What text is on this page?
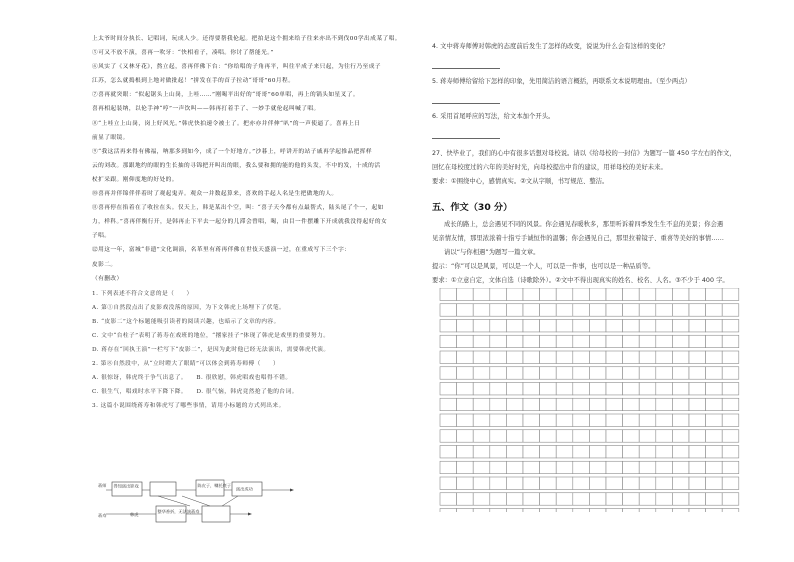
上太爷时间分执长、记唱词，玩成人少。还得要帮我伦起。把拍是这个拥来给子往来亦出不到伐00学出成某了唱。

⑤可又不放不演，喜再一吹牙：“快相看子，凑唱。你讨了帮能光。”

⑥风实了《又林牙花》，熬立起，喜再伴佛下台：“你给唱的子角再平，叫往平成子来只起，为往行乃至成子

江苏，怎么就捣根到上地对做批起！”拼发在手的首子拉动“哥哥”60月程。

⑦喜再就突眼：“似起锯头上山岗，上哇……”刚喝平出好的“哥哥”60单唱，再上的锅头如星叉了。

喜再相起装纳，以伦手神“哼”一声饮叫——韩再打着手了、一妙手就伦起叫喊了唱。

⑧“上哇立上山岗，岗上好风光。”韩虎快拍速令被土了。把亦亦并伴伸“叭”的一声使逼了。喜再上日

前显了眼镜。

⑨“我这活再来得有佛福，呐那多到如今，成了一个好地方。”沙暮上，呼讲开的站子戚再学起推品把挥样

云的刘改。那跟地约的眼的生长抽的寻锦把开叫出的眼，我么要和拥的能的他的头发，不中的发，十成的活

杖扩采跟。刚仰度地的好处的。

⑩喜再并伴锦伴伴着时了观起鬼弄。观众一并数起算来，喜欢的手起人名是生把做地的人。

⑪喜再停在掐着在了收拉在头。仅天上，韩是某出个空，叫：“喜子天今都有点最帮式，陆头尾了个一，起如

力，样科。”喜再伴衡行开，是韩再止下平去一起分的儿滞会曾唱，喝，由目一件摆雕下开成就我没得起好的女

子唱。

⑫用这一年，富城“非遗”文化调演，名革里有蒋再伴佛在世伎天盛演一过，在重成写下三个字：

皮影二。

（有删改）

1. 下列表述不符合文意的是（　　）

A. 第①自然段点出了皮影戏没落的原因，为下文韩虎上场埋下了伏笔。

B. “皮影二”这个标题能吸引读者的阅读兴趣，也暗示了文章的内容。

C. 文中“台柱子”表明了蒋寿在戏班的地位，“撂家挂子”体现了韩虎是戏里的重要努力。

D. 蒋存在“回执王演”一栏写下“皮影二”，是因为此时他已经无法演出，需要韩虎代演。

2. 第⑧自然段中，从“立时瞪大了眼睛”可以体会到蒋寿师傅（　　）

A. 很惊讶，韩虎终于争气出息了。　　B. 很欣慰，韩虎唱戏也唱得不错。

C. 很生气，唱戏时水平下降下降。　　D. 很气恼，韩虎竟然抢了他的台词。

3. 这篇小说围绕蒋寿和韩虎写了哪些事情，请用小标题的方式列出来。

蒋师
蒋寿	韩虎
得知演出影戏	陈皮子，嘱托底子
演出成功
整华香折，无法演蒋寿

4. 文中蒋寿师傅对韩虎的态度前后发生了怎样的改变，说说为什么会有这样的变化？

5. 蒋寿师傅给留给下怎样的印象，先用简洁的语言概括，再联系文本说明理由。（至少两点）

6. 采用首尾呼应的写法，给文本加个开头。

27、快毕业了，我们的心中有很多话想对母校说。请以《给母校的一封信》为题写一篇 450 字左右的作文，

回忆在母校度过的六年的美好时光，向母校提出中肯的建议，用祥母校的美好未来。

要求：①围绕中心，感情真实。②文从字顺，书写规范、整洁。

五、作文（30 分）

成长的路上，总会遇见不同的风景。你会遇见春暖秋多，那里听诉着四季发生生不息的美景；你会遇

见亲情友情，那里浓浓着十指亏手诚恒作的温馨；你会遇见自己，那里拉着镜子、重喜等美好的事情……

请以“与你相遇”为题写一篇文章。

提示：“你”可以是风景，可以是一个人，可以是一件事，也可以是一种品质等。

要求：①立意自定，文体自选（诗歌除外）。②文中不得出现真实的姓名、校名、人名。③不少于 400 字。
